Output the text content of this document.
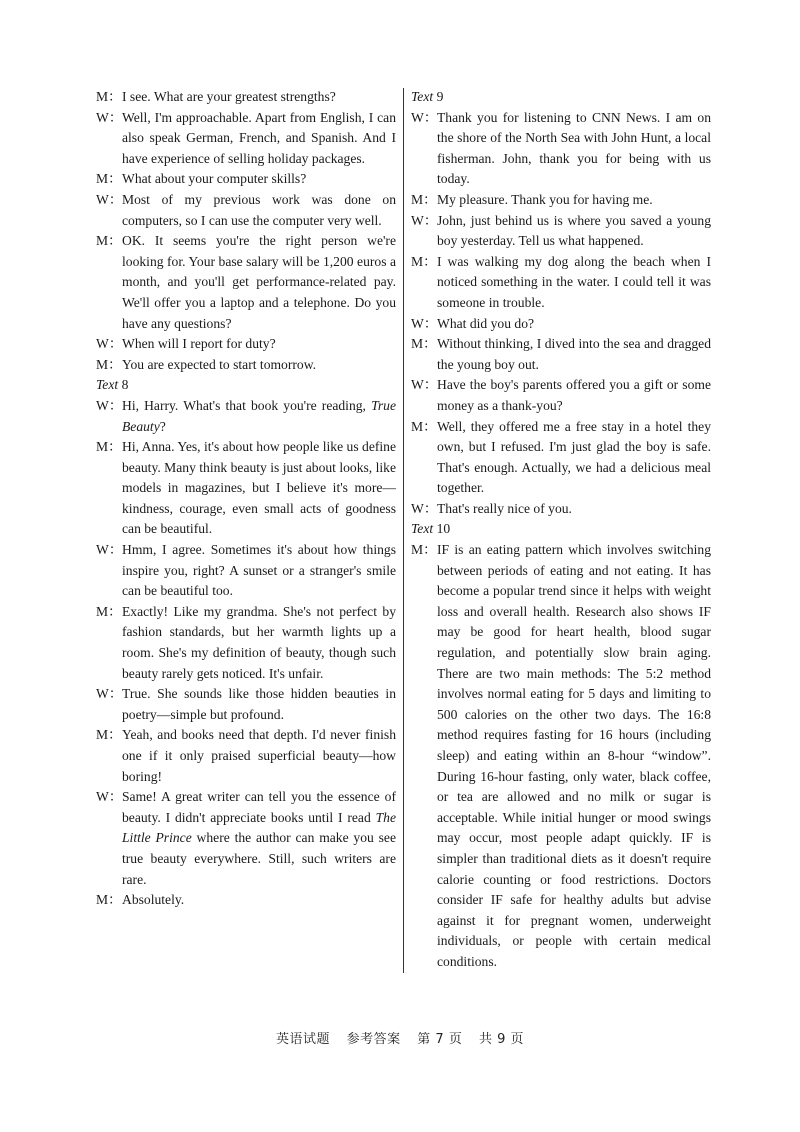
M： I see. What are your greatest strengths?
W： Well, I'm approachable. Apart from English, I can also speak German, French, and Spanish. And I have experience of selling holiday packages.
M： What about your computer skills?
W： Most of my previous work was done on computers, so I can use the computer very well.
M： OK. It seems you're the right person we're looking for. Your base salary will be 1,200 euros a month, and you'll get performance-related pay. We'll offer you a laptop and a telephone. Do you have any questions?
W： When will I report for duty?
M： You are expected to start tomorrow.
Text 8
W： Hi, Harry. What's that book you're reading, True Beauty?
M： Hi, Anna. Yes, it's about how people like us define beauty. Many think beauty is just about looks, like models in magazines, but I believe it's more—kindness, courage, even small acts of goodness can be beautiful.
W： Hmm, I agree. Sometimes it's about how things inspire you, right? A sunset or a stranger's smile can be beautiful too.
M： Exactly! Like my grandma. She's not perfect by fashion standards, but her warmth lights up a room. She's my definition of beauty, though such beauty rarely gets noticed. It's unfair.
W： True. She sounds like those hidden beauties in poetry—simple but profound.
M： Yeah, and books need that depth. I'd never finish one if it only praised superficial beauty—how boring!
W： Same! A great writer can tell you the essence of beauty. I didn't appreciate books until I read The Little Prince where the author can make you see true beauty everywhere. Still, such writers are rare.
M： Absolutely.
Text 9
W： Thank you for listening to CNN News. I am on the shore of the North Sea with John Hunt, a local fisherman. John, thank you for being with us today.
M： My pleasure. Thank you for having me.
W： John, just behind us is where you saved a young boy yesterday. Tell us what happened.
M： I was walking my dog along the beach when I noticed something in the water. I could tell it was someone in trouble.
W： What did you do?
M： Without thinking, I dived into the sea and dragged the young boy out.
W： Have the boy's parents offered you a gift or some money as a thank-you?
M： Well, they offered me a free stay in a hotel they own, but I refused. I'm just glad the boy is safe. That's enough. Actually, we had a delicious meal together.
W： That's really nice of you.
Text 10
M： IF is an eating pattern which involves switching between periods of eating and not eating. It has become a popular trend since it helps with weight loss and overall health. Research also shows IF may be good for heart health, blood sugar regulation, and potentially slow brain aging. There are two main methods: The 5:2 method involves normal eating for 5 days and limiting to 500 calories on the other two days. The 16:8 method requires fasting for 16 hours (including sleep) and eating within an 8-hour “window”. During 16-hour fasting, only water, black coffee, or tea are allowed and no milk or sugar is acceptable. While initial hunger or mood swings may occur, most people adapt quickly. IF is simpler than traditional diets as it doesn't require calorie counting or food restrictions. Doctors consider IF safe for healthy adults but advise against it for pregnant women, underweight individuals, or people with certain medical conditions.
英语试题 参考答案 第 7 页 共 9 页
